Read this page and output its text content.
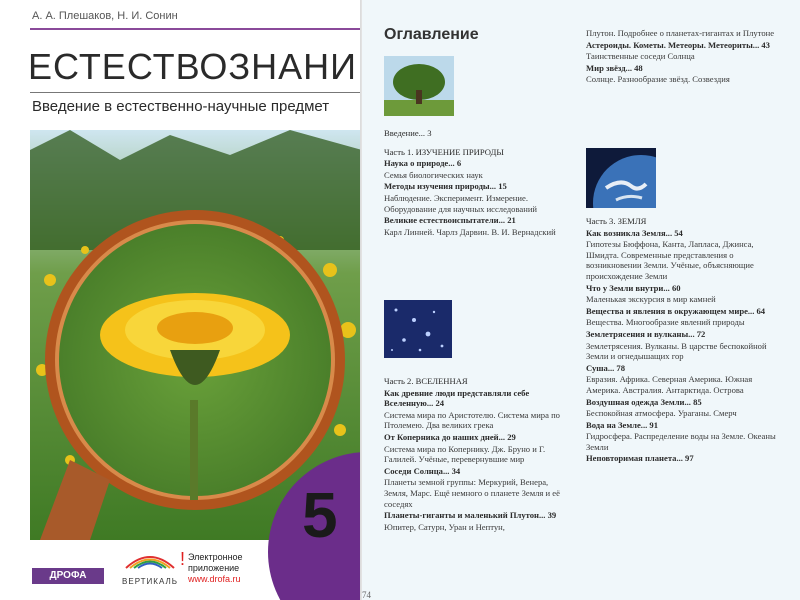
А. А. Плешаков, Н. И. Сонин
ЕСТЕСТВОЗНАНИ
Введение в естественно-научные предмет
ДРОФА
ВЕРТИКАЛЬ
! Электронное
приложение
www.drofa.ru
5
Оглавление
Введение... 3
Часть 1. ИЗУЧЕНИЕ ПРИРОДЫ
Наука о природе... 6
Семья биологических наук
Методы изучения природы... 15
Наблюдение. Эксперимент. Измерение. Оборудование для научных исследований
Великие естествоиспытатели... 21
Карл Линней. Чарлз Дарвин. В. И. Вернадский
Часть 2. ВСЕЛЕННАЯ
Как древние люди представляли себе Вселенную... 24
Система мира по Аристотелю. Система мира по Птолемею. Два великих грека
От Коперника до наших дней... 29
Система мира по Копернику. Дж. Бруно и Г. Галилей. Учёные, перевернувшие мир
Соседи Солнца... 34
Планеты земной группы: Меркурий, Венера, Земля, Марс. Ещё немного о планете Земля и её соседях
Планеты-гиганты и маленький Плутон... 39
Юпитер, Сатурн, Уран и Нептун,
Плутон. Подробнее о планетах-гигантах и Плутоне
Астероиды. Кометы. Метеоры. Метеориты... 43
Таинственные соседи Солнца
Мир звёзд... 48
Солнце. Разнообразие звёзд. Созвездия
Часть 3. ЗЕМЛЯ
Как возникла Земля... 54
Гипотезы Бюффона, Канта, Лапласа, Джинса, Шмидта. Современные представления о возникновении Земли. Учёные, объясняющие происхождение Земли
Что у Земли внутри... 60
Маленькая экскурсия в мир камней
Вещества и явления в окружающем мире... 64
Вещества. Многообразие явлений природы
Землетрясения и вулканы... 72
Землетрясения. Вулканы. В царстве беспокойной Земли и огнедышащих гор
Суша... 78
Евразия. Африка. Северная Америка. Южная Америка. Австралия. Антарктида. Острова
Воздушная одежда Земли... 85
Беспокойная атмосфера. Ураганы. Смерч
Вода на Земле... 91
Гидросфера. Распределение воды на Земле. Океаны Земли
Неповторимая планета... 97
74
